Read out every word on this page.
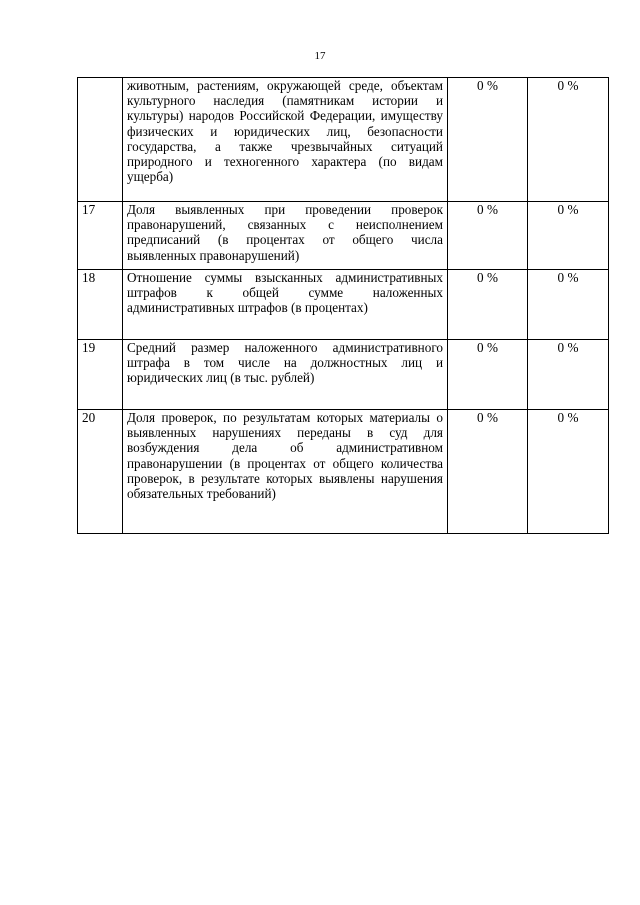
17
	животным, растениям, окружающей среде, объектам культурного наследия (памятникам истории и культуры) народов Российской Федерации, имуществу физических и юридических лиц, безопасности государства, а также чрезвычайных ситуаций природного и техногенного характера (по видам ущерба)	0 %	0 %
17	Доля выявленных при проведении проверок правонарушений, связанных с неисполнением предписаний (в процентах от общего числа выявленных правонарушений)	0 %	0 %
18	Отношение суммы взысканных административных штрафов к общей сумме наложенных административных штрафов (в процентах)	0 %	0 %
19	Средний размер наложенного административного штрафа в том числе на должностных лиц и юридических лиц (в тыс. рублей)	0 %	0 %
20	Доля проверок, по результатам которых материалы о выявленных нарушениях переданы в суд для возбуждения дела об административном правонарушении (в процентах от общего количества проверок, в результате которых выявлены нарушения обязательных требований)	0 %	0 %
